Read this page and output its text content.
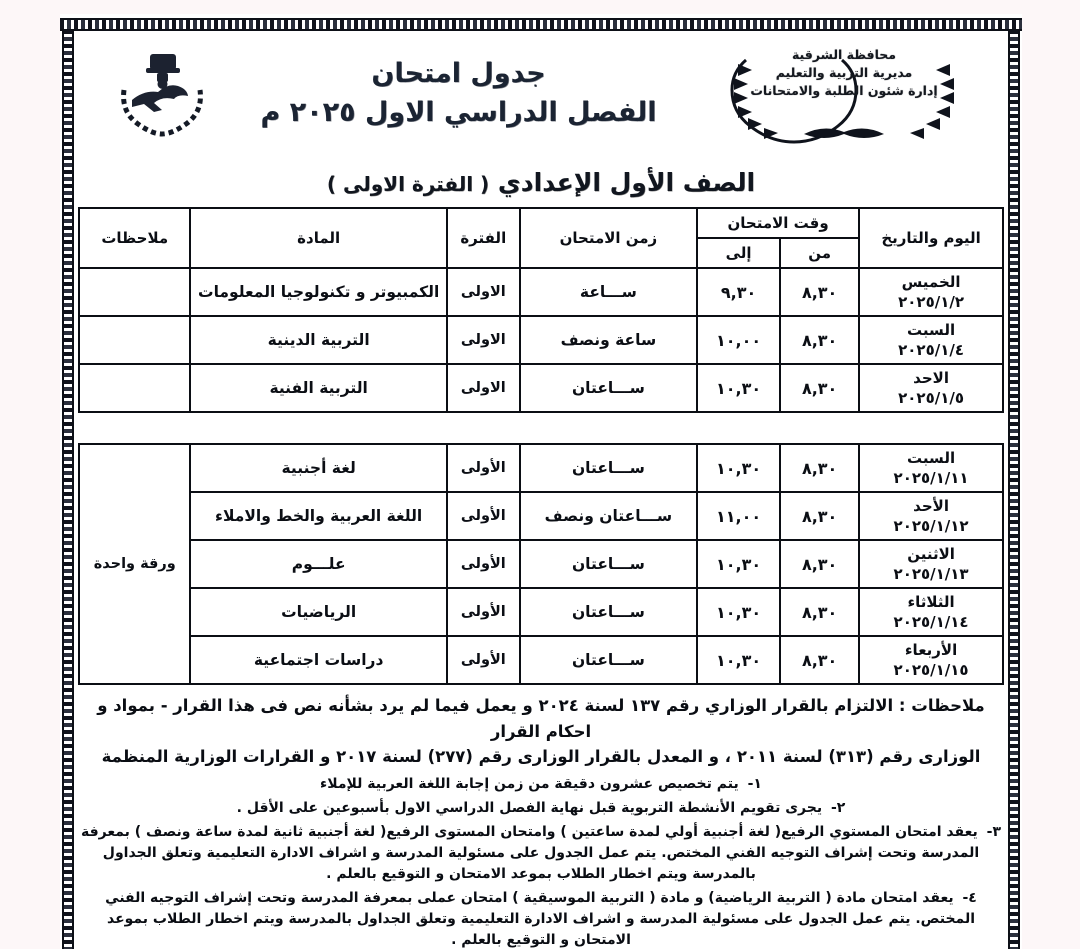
جدول امتحان
الفصل الدراسي الاول ٢٠٢٥ م
محافظة الشرقية
مديرية التربية والتعليم
إدارة شئون الطلبة والامتحانات
الصف الأول الإعدادي ( الفترة الاولى )
اليوم والتاريخ	وقت الامتحان		زمن الامتحان	الفترة	المادة	ملاحظات
	من	إلى				

الخميس
٢٠٢٥/١/٢	٨,٣٠	٩,٣٠	ســـاعة	الاولى	الكمبيوتر و تكنولوجيا المعلومات	

السبت
٢٠٢٥/١/٤	٨,٣٠	١٠,٠٠	ساعة ونصف	الاولى	التربية الدينية	

الاحد
٢٠٢٥/١/٥	٨,٣٠	١٠,٣٠	ســـاعتان	الاولى	التربية الفنية	
السبت
٢٠٢٥/١/١١	٨,٣٠	١٠,٣٠	ســـاعتان	الأولى	لغة أجنبية	ورقة واحدة

الأحد
٢٠٢٥/١/١٢	٨,٣٠	١١,٠٠	ســـاعتان ونصف	الأولى	اللغة العربية والخط والاملاء	

الاثنين
٢٠٢٥/١/١٣	٨,٣٠	١٠,٣٠	ســـاعتان	الأولى	علـــوم	

الثلاثاء
٢٠٢٥/١/١٤	٨,٣٠	١٠,٣٠	ســـاعتان	الأولى	الرياضيات	

الأربعاء
٢٠٢٥/١/١٥	٨,٣٠	١٠,٣٠	ســـاعتان	الأولى	دراسات اجتماعية	
ملاحظات : الالتزام بالقرار الوزاري رقم ١٣٧ لسنة ٢٠٢٤ و يعمل فيما لم يرد بشأنه نص فى هذا القرار - بمواد و احكام القرار
الوزارى رقم (٣١٣) لسنة ٢٠١١ ، و المعدل بالقرار الوزارى رقم (٢٧٧) لسنة ٢٠١٧ و القرارات الوزارية المنظمة
١- يتم تخصيص عشرون دقيقة من زمن إجابة اللغة العربية للإملاء
٢- يجرى تقويم الأنشطة التربوية قبل نهاية الفصل الدراسي الاول بأسبوعين على الأقل .
٣- يعقد امتحان المستوي الرفيع( لغة أجنبية أولي لمدة ساعتين ) وامتحان المستوى الرفيع( لغة أجنبية ثانية لمدة ساعة ونصف ) بمعرفة المدرسة وتحت إشراف التوجيه الفني المختص. يتم عمل الجدول على مسئولية المدرسة و اشراف الادارة التعليمية وتعلق الجداول بالمدرسة ويتم اخطار الطلاب بموعد الامتحان و التوقيع بالعلم .
٤- يعقد امتحان مادة ( التربية الرياضية) و مادة ( التربية الموسيقية ) امتحان عملى بمعرفة المدرسة وتحت إشراف التوجيه الفني المختص. يتم عمل الجدول على مسئولية المدرسة و اشراف الادارة التعليمية وتعلق الجداول بالمدرسة ويتم اخطار الطلاب بموعد الامتحان و التوقيع بالعلم .
